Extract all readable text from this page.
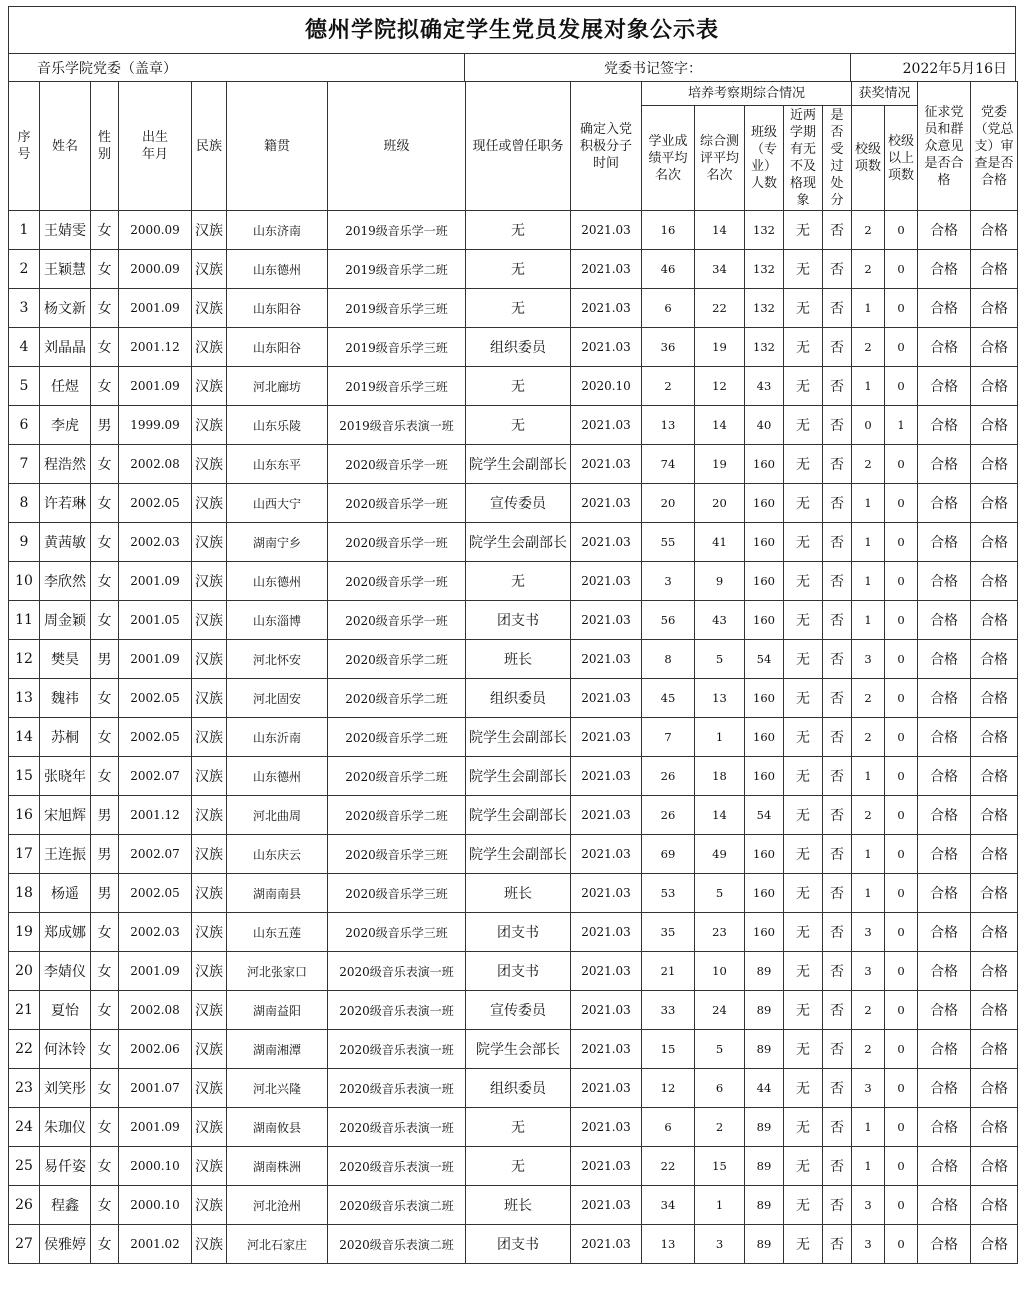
德州学院拟确定学生党员发展对象公示表
音乐学院党委（盖章）	党委书记签字：	2022年5月16日
序号	姓名	性别	出生年月	民族	籍贯	班级	现任或曾任职务	确定入党积极分子时间	培养考察期综合情况					获奖情况		征求党员和群众意见是否合格	党委（党总支）审查是否合格
									学业成绩平均名次	综合测评平均名次	班级（专业）人数	近两学期有无不及格现象	是否受过处分	校级项数	校级以上项数		
1	王婧雯	女	2000.09	汉族	山东济南	2019级音乐学一班	无	2021.03	16	14	132	无	否	2	0	合格	合格
2	王颖慧	女	2000.09	汉族	山东德州	2019级音乐学二班	无	2021.03	46	34	132	无	否	2	0	合格	合格
3	杨文新	女	2001.09	汉族	山东阳谷	2019级音乐学三班	无	2021.03	6	22	132	无	否	1	0	合格	合格
4	刘晶晶	女	2001.12	汉族	山东阳谷	2019级音乐学三班	组织委员	2021.03	36	19	132	无	否	2	0	合格	合格
5	任煜	女	2001.09	汉族	河北廊坊	2019级音乐学三班	无	2020.10	2	12	43	无	否	1	0	合格	合格
6	李虎	男	1999.09	汉族	山东乐陵	2019级音乐表演一班	无	2021.03	13	14	40	无	否	0	1	合格	合格
7	程浩然	女	2002.08	汉族	山东东平	2020级音乐学一班	院学生会副部长	2021.03	74	19	160	无	否	2	0	合格	合格
8	许若琳	女	2002.05	汉族	山西大宁	2020级音乐学一班	宣传委员	2021.03	20	20	160	无	否	1	0	合格	合格
9	黄茜敏	女	2002.03	汉族	湖南宁乡	2020级音乐学一班	院学生会副部长	2021.03	55	41	160	无	否	1	0	合格	合格
10	李欣然	女	2001.09	汉族	山东德州	2020级音乐学一班	无	2021.03	3	9	160	无	否	1	0	合格	合格
11	周金颖	女	2001.05	汉族	山东淄博	2020级音乐学一班	团支书	2021.03	56	43	160	无	否	1	0	合格	合格
12	樊昊	男	2001.09	汉族	河北怀安	2020级音乐学二班	班长	2021.03	8	5	54	无	否	3	0	合格	合格
13	魏祎	女	2002.05	汉族	河北固安	2020级音乐学二班	组织委员	2021.03	45	13	160	无	否	2	0	合格	合格
14	苏桐	女	2002.05	汉族	山东沂南	2020级音乐学二班	院学生会副部长	2021.03	7	1	160	无	否	2	0	合格	合格
15	张晓年	女	2002.07	汉族	山东德州	2020级音乐学二班	院学生会副部长	2021.03	26	18	160	无	否	1	0	合格	合格
16	宋旭辉	男	2001.12	汉族	河北曲周	2020级音乐学二班	院学生会副部长	2021.03	26	14	54	无	否	2	0	合格	合格
17	王连振	男	2002.07	汉族	山东庆云	2020级音乐学三班	院学生会副部长	2021.03	69	49	160	无	否	1	0	合格	合格
18	杨遥	男	2002.05	汉族	湖南南县	2020级音乐学三班	班长	2021.03	53	5	160	无	否	1	0	合格	合格
19	郑成娜	女	2002.03	汉族	山东五莲	2020级音乐学三班	团支书	2021.03	35	23	160	无	否	3	0	合格	合格
20	李婧仪	女	2001.09	汉族	河北张家口	2020级音乐表演一班	团支书	2021.03	21	10	89	无	否	3	0	合格	合格
21	夏怡	女	2002.08	汉族	湖南益阳	2020级音乐表演一班	宣传委员	2021.03	33	24	89	无	否	2	0	合格	合格
22	何沐铃	女	2002.06	汉族	湖南湘潭	2020级音乐表演一班	院学生会部长	2021.03	15	5	89	无	否	2	0	合格	合格
23	刘笑彤	女	2001.07	汉族	河北兴隆	2020级音乐表演一班	组织委员	2021.03	12	6	44	无	否	3	0	合格	合格
24	朱珈仪	女	2001.09	汉族	湖南攸县	2020级音乐表演一班	无	2021.03	6	2	89	无	否	1	0	合格	合格
25	易仟姿	女	2000.10	汉族	湖南株洲	2020级音乐表演一班	无	2021.03	22	15	89	无	否	1	0	合格	合格
26	程鑫	女	2000.10	汉族	河北沧州	2020级音乐表演二班	班长	2021.03	34	1	89	无	否	3	0	合格	合格
27	侯雅婷	女	2001.02	汉族	河北石家庄	2020级音乐表演二班	团支书	2021.03	13	3	89	无	否	3	0	合格	合格
